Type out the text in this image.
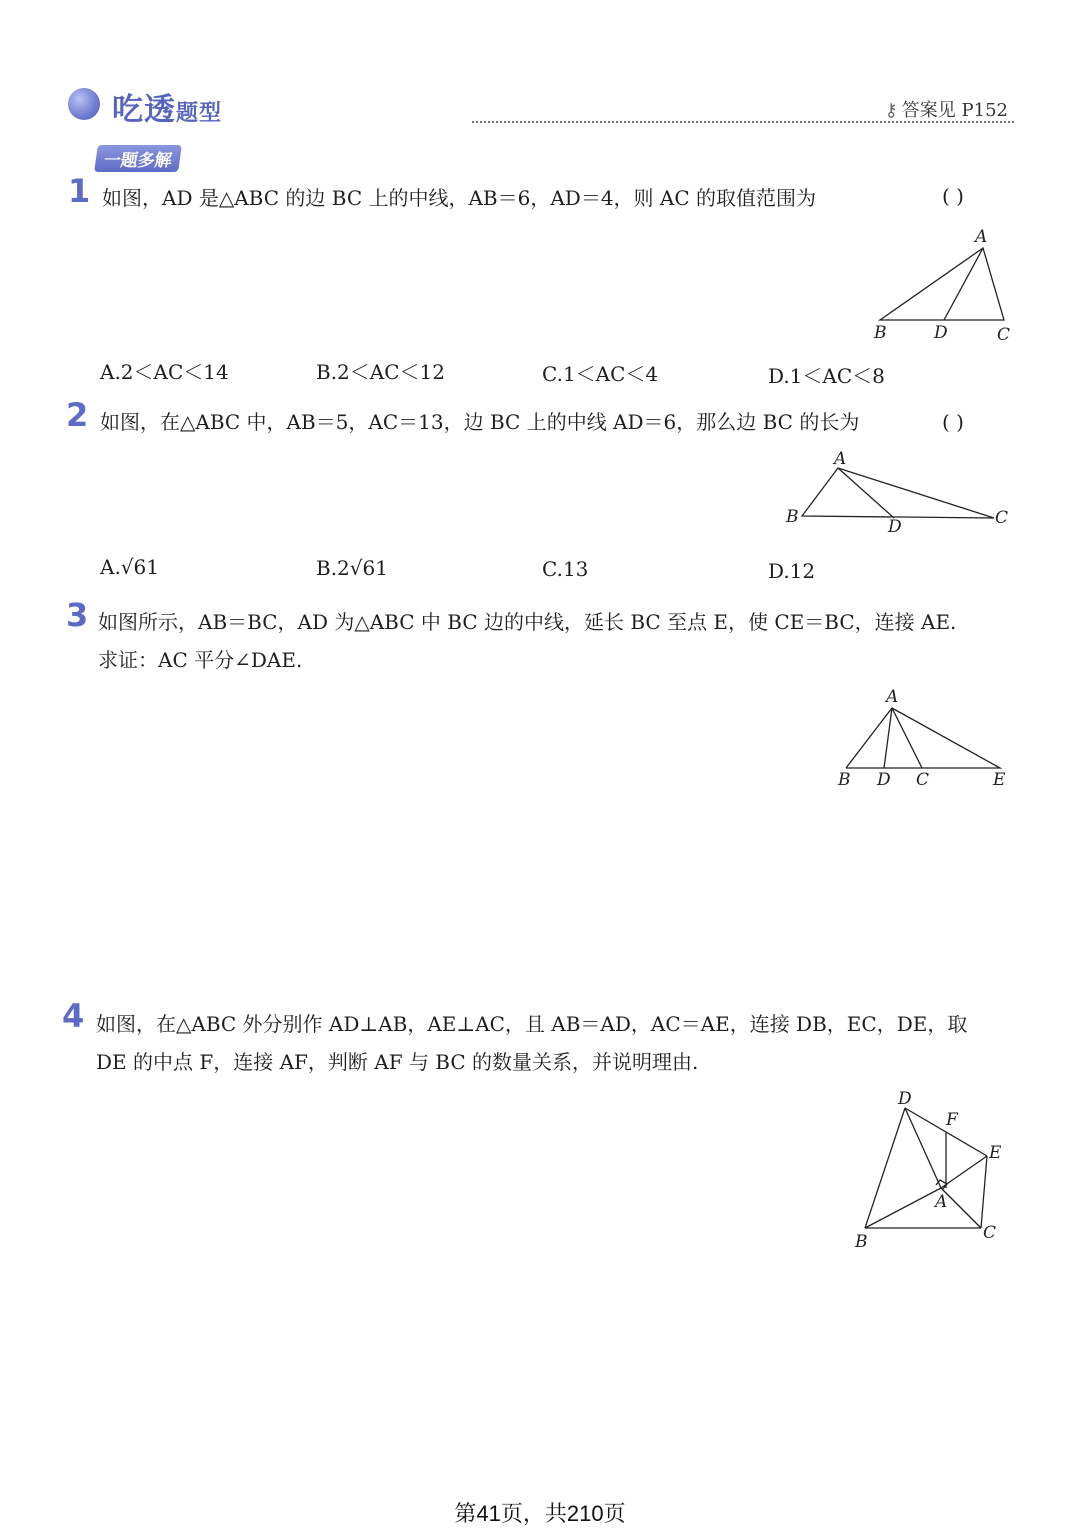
吃透题型	⚷ 答案见 P152
一题多解
1 如图，AD 是△ABC 的边 BC 上的中线，AB＝6，AD＝4，则 AC 的取值范围为	( )
A
B	D	C
A.2＜AC＜14	B.2＜AC＜12	C.1＜AC＜4	D.1＜AC＜8
2 如图，在△ABC 中，AB＝5，AC＝13，边 BC 上的中线 AD＝6，那么边 BC 的长为	( )
A
B	D	C
A.√61	B.2√61	C.13	D.12
3 如图所示，AB＝BC，AD 为△ABC 中 BC 边的中线，延长 BC 至点 E，使 CE＝BC，连接 AE.
求证：AC 平分∠DAE.
A
B D C	E
4 如图，在△ABC 外分别作 AD⊥AB，AE⊥AC，且 AB＝AD，AC＝AE，连接 DB，EC，DE，取
DE 的中点 F，连接 AF，判断 AF 与 BC 的数量关系，并说明理由.
D
F
E
A
B	C
第41页，共210页
